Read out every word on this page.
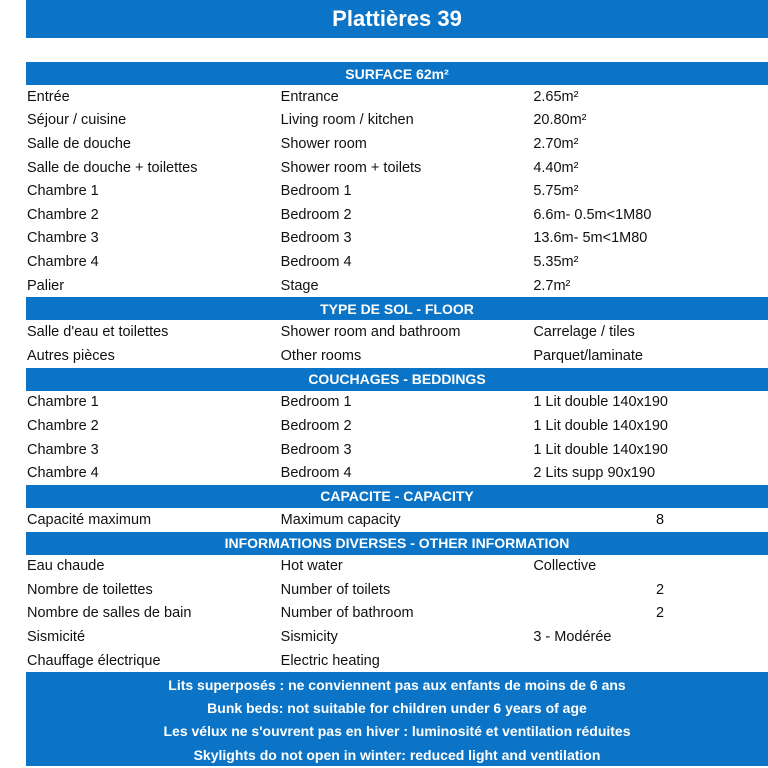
Plattières 39
SURFACE 62m²
Entrée	Entrance	2.65m²
Séjour / cuisine	Living room / kitchen	20.80m²
Salle de douche	Shower room	2.70m²
Salle de douche + toilettes	Shower room + toilets	4.40m²
Chambre 1	Bedroom 1	5.75m²
Chambre 2	Bedroom 2	6.6m- 0.5m<1M80
Chambre 3	Bedroom 3	13.6m- 5m<1M80
Chambre 4	Bedroom 4	5.35m²
Palier	Stage	2.7m²
TYPE DE SOL - FLOOR
Salle d'eau et toilettes	Shower room and bathroom	Carrelage / tiles
Autres pièces	Other rooms	Parquet/laminate
COUCHAGES - BEDDINGS
Chambre 1	Bedroom 1	1 Lit double 140x190
Chambre 2	Bedroom 2	1 Lit double 140x190
Chambre 3	Bedroom 3	1 Lit double 140x190
Chambre 4	Bedroom 4	2 Lits supp 90x190
CAPACITE - CAPACITY
Capacité maximum	Maximum capacity	8
INFORMATIONS DIVERSES - OTHER INFORMATION
Eau chaude	Hot water	Collective
Nombre de toilettes	Number of toilets	2
Nombre de salles de bain	Number of bathroom	2
Sismicité	Sismicity	3 - Modérée
Chauffage électrique	Electric heating
Lits superposés : ne conviennent pas aux enfants de moins de 6 ans
Bunk beds: not suitable for children under 6 years of age
Les vélux ne s'ouvrent pas en hiver : luminosité et ventilation réduites
Skylights do not open in winter: reduced light and ventilation
